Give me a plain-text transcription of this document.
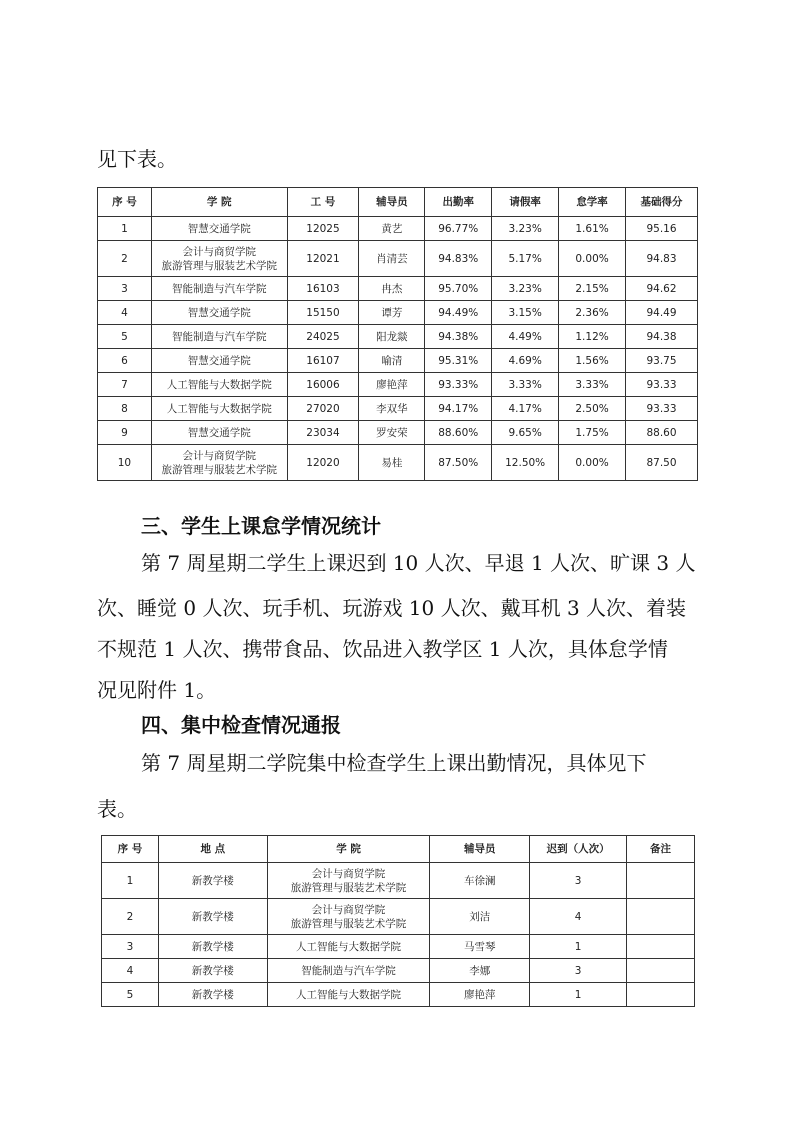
见下表。

序 号	学 院	工 号	辅导员	出勤率	请假率	怠学率	基础得分
1	智慧交通学院	12025	黄艺	96.77%	3.23%	1.61%	95.16
2	会计与商贸学院
旅游管理与服装艺术学院	12021	肖清芸	94.83%	5.17%	0.00%	94.83
3	智能制造与汽车学院	16103	冉杰	95.70%	3.23%	2.15%	94.62
4	智慧交通学院	15150	谭芳	94.49%	3.15%	2.36%	94.49
5	智能制造与汽车学院	24025	阳龙燚	94.38%	4.49%	1.12%	94.38
6	智慧交通学院	16107	喻清	95.31%	4.69%	1.56%	93.75
7	人工智能与大数据学院	16006	廖艳萍	93.33%	3.33%	3.33%	93.33
8	人工智能与大数据学院	27020	李双华	94.17%	4.17%	2.50%	93.33
9	智慧交通学院	23034	罗安荣	88.60%	9.65%	1.75%	88.60
10	会计与商贸学院
旅游管理与服装艺术学院	12020	易桂	87.50%	12.50%	0.00%	87.50

三、学生上课怠学情况统计

第 7 周星期二学生上课迟到 10 人次、早退 1 人次、旷课 3 人

次、睡觉 0 人次、玩手机、玩游戏 10 人次、戴耳机 3 人次、着装

不规范 1 人次、携带食品、饮品进入教学区 1 人次，具体怠学情

况见附件 1。

四、集中检查情况通报

第 7 周星期二学院集中检查学生上课出勤情况，具体见下

表。

序 号	地 点	学 院	辅导员	迟到（人次）	备注
1	新教学楼	会计与商贸学院
旅游管理与服装艺术学院	车徐澜	3	
2	新教学楼	会计与商贸学院
旅游管理与服装艺术学院	刘洁	4	
3	新教学楼	人工智能与大数据学院	马雪琴	1	
4	新教学楼	智能制造与汽车学院	李娜	3	
5	新教学楼	人工智能与大数据学院	廖艳萍	1	
